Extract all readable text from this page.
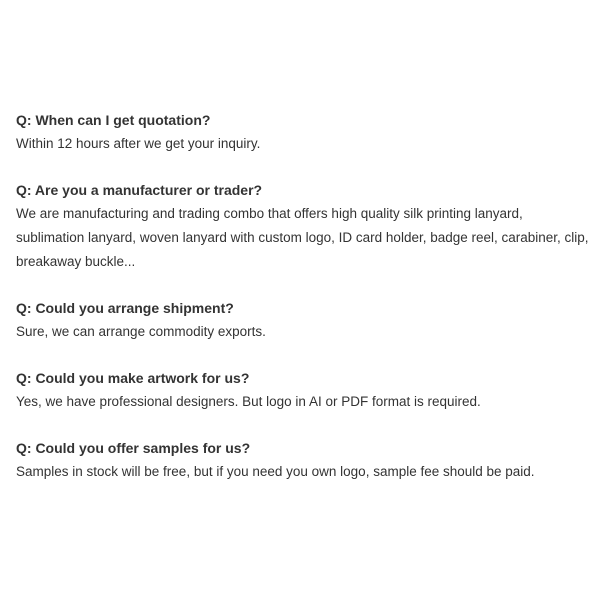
Q: When can I get quotation?

Within 12 hours after we get your inquiry.

Q: Are you a manufacturer or trader?

We are manufacturing and trading combo that offers high quality silk printing lanyard, sublimation lanyard, woven lanyard with custom logo, ID card holder, badge reel, carabiner, clip, breakaway buckle...

Q: Could you arrange shipment?

Sure, we can arrange commodity exports.

Q: Could you make artwork for us?

Yes, we have professional designers. But logo in AI or PDF format is required.

Q: Could you offer samples for us?

Samples in stock will be free, but if you need you own logo, sample fee should be paid.
